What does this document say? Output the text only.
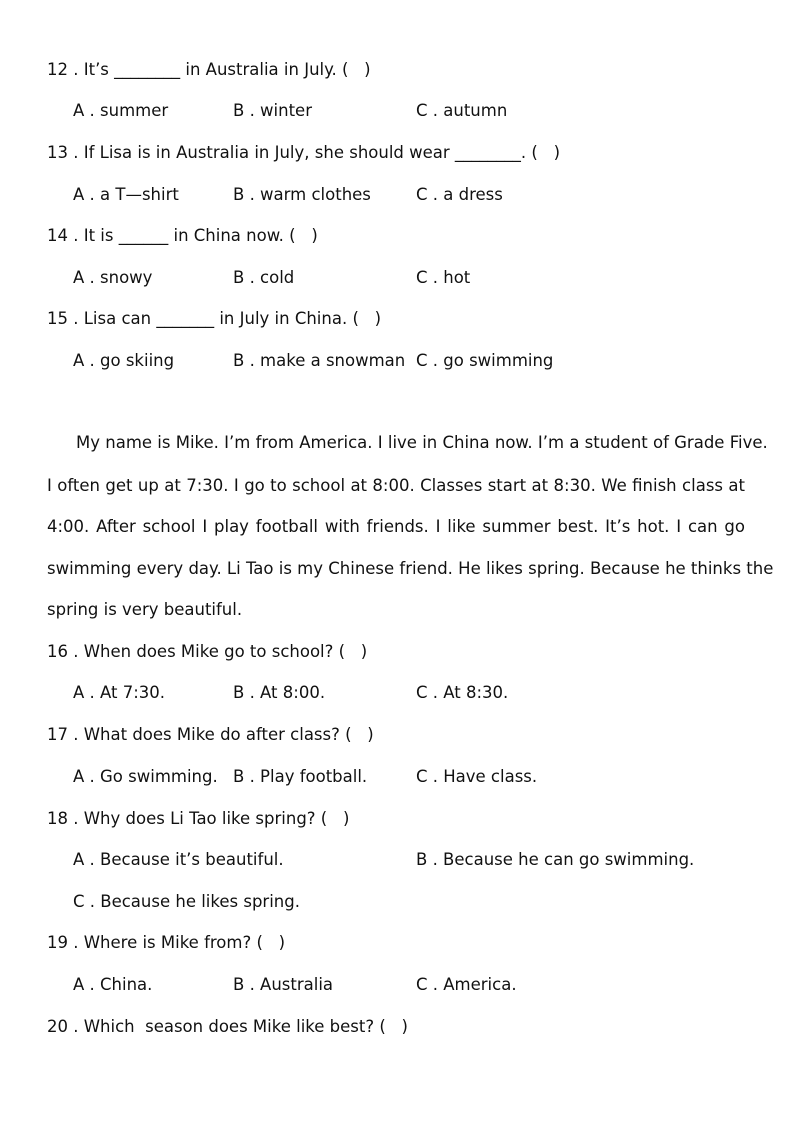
12 . It’s ________ in Australia in July. (   )
A . summer	B . winter	C . autumn
13 . If Lisa is in Australia in July, she should wear ________. (   )
A . a T—shirt	B . warm clothes	C . a dress
14 . It is ______ in China now. (   )
A . snowy	B . cold	C . hot
15 . Lisa can _______ in July in China. (   )
A . go skiing	B . make a snowman C . go swimming
My name is Mike. I’m from America. I live in China now. I’m a student of Grade Five.
I often get up at 7:30. I go to school at 8:00. Classes start at 8:30. We finish class at
4:00. After school I play football with friends. I like summer best. It’s hot. I can go
swimming every day. Li Tao is my Chinese friend. He likes spring. Because he thinks the
spring is very beautiful.
16 . When does Mike go to school? (   )
A . At 7:30.	B . At 8:00.	C . At 8:30.
17 . What does Mike do after class? (   )
A . Go swimming. B . Play football.	C . Have class.
18 . Why does Li Tao like spring? (   )
A . Because it’s beautiful.	B . Because he can go swimming.
C . Because he likes spring.
19 . Where is Mike from? (   )
A . China.	B . Australia	C . America.
20 . Which  season does Mike like best? (   )
